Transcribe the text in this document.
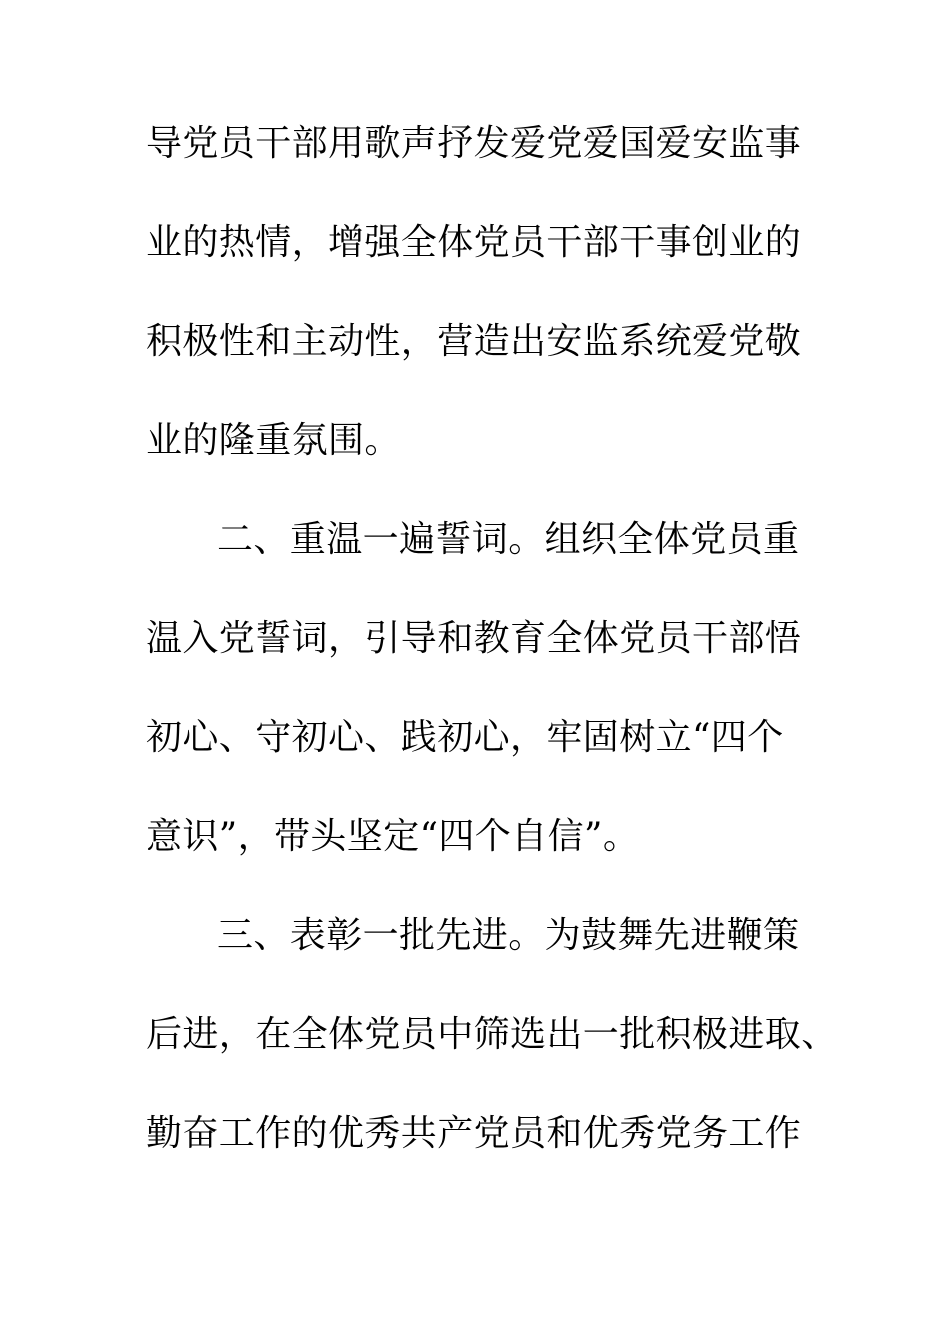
导党员干部用歌声抒发爱党爱国爱安监事
业的热情，增强全体党员干部干事创业的
积极性和主动性，营造出安监系统爱党敬
业的隆重氛围。
二、重温一遍誓词。组织全体党员重
温入党誓词，引导和教育全体党员干部悟
初心、守初心、践初心，牢固树立“四个
意识”，带头坚定“四个自信”。
三、表彰一批先进。为鼓舞先进鞭策
后进，在全体党员中筛选出一批积极进取、
勤奋工作的优秀共产党员和优秀党务工作
